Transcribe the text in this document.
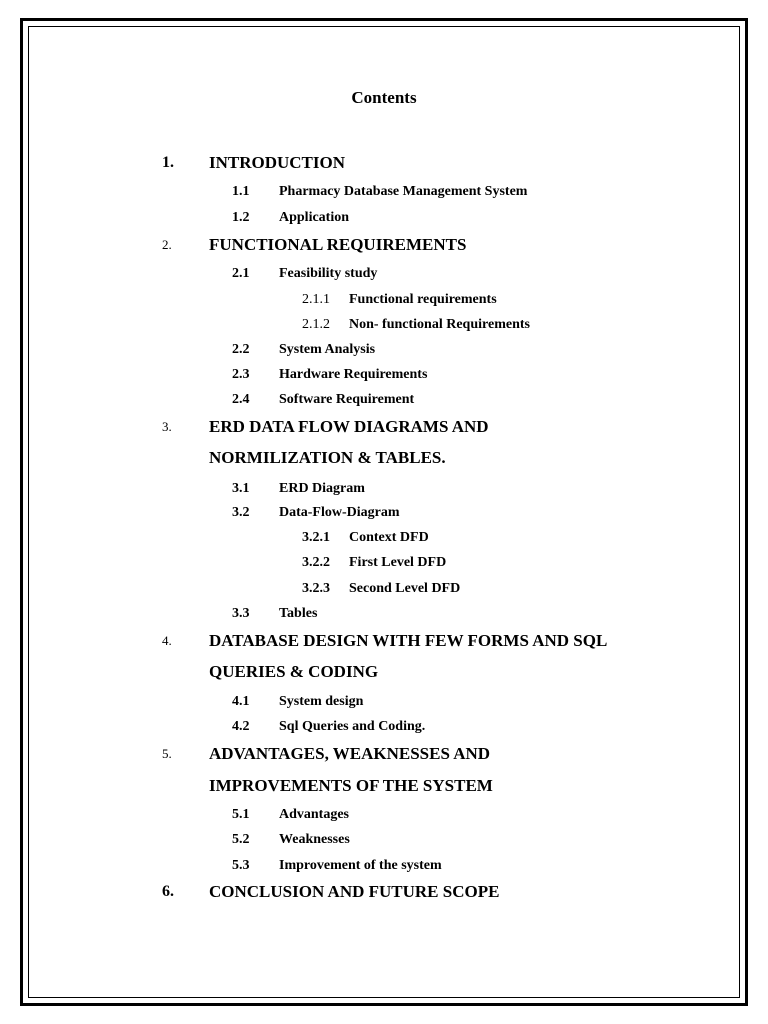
Contents
1. INTRODUCTION
1.1 Pharmacy Database Management System
1.2 Application
2. FUNCTIONAL REQUIREMENTS
2.1 Feasibility study
2.1.1 Functional requirements
2.1.2 Non- functional Requirements
2.2 System Analysis
2.3 Hardware Requirements
2.4 Software Requirement
3. ERD DATA FLOW DIAGRAMS AND
NORMILIZATION & TABLES.
3.1 ERD Diagram
3.2 Data-Flow-Diagram
3.2.1 Context DFD
3.2.2 First Level DFD
3.2.3 Second Level DFD
3.3 Tables
4. DATABASE DESIGN WITH FEW FORMS AND SQL
QUERIES & CODING
4.1 System design
4.2 Sql Queries and Coding.
5. ADVANTAGES, WEAKNESSES AND
IMPROVEMENTS OF THE SYSTEM
5.1 Advantages
5.2 Weaknesses
5.3 Improvement of the system
6. CONCLUSION AND FUTURE SCOPE
